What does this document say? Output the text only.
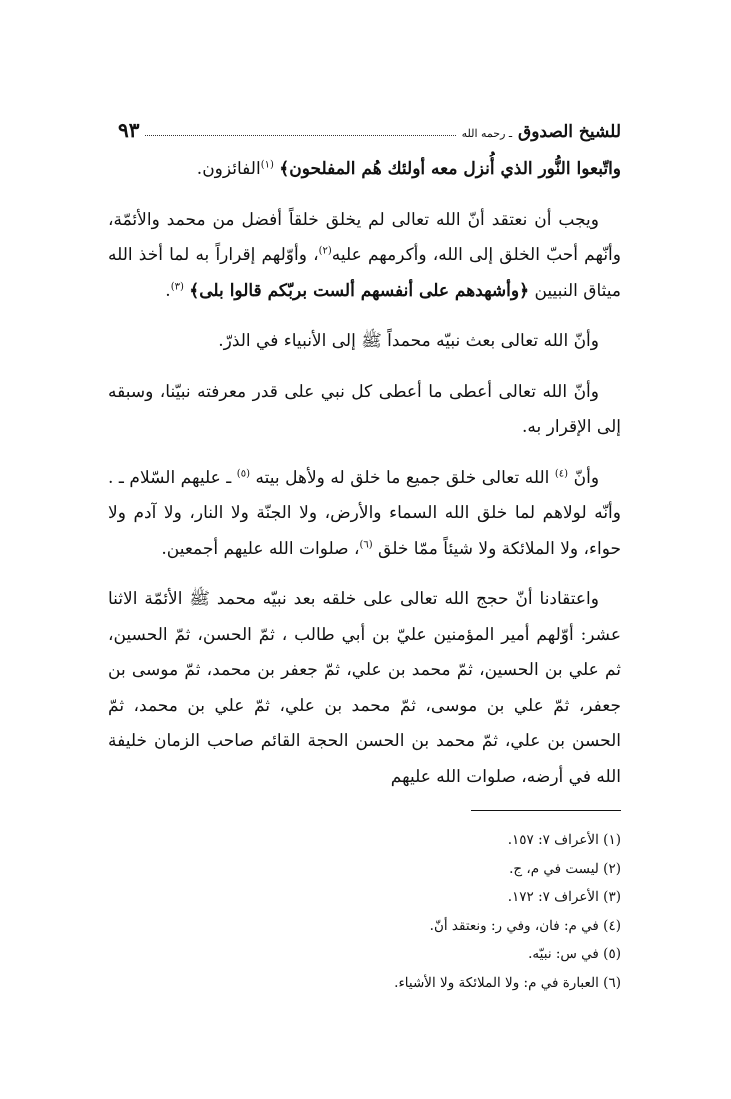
للشيخ الصدوق ـ رحمه الله
٩٣

واتّبعوا النُّور الذي أُنزل معه أولئك هُم المفلحون﴾ $^{(١)}$الفائزون.

ويجب أن نعتقد أنّ الله تعالى لم يخلق خلقاً أفضل من محمد والأئمّة، وأنّهم أحبّ الخلق إلى الله، وأكرمهم عليه$^{(٢)}$، وأوّلهم إقراراً به لما أخذ الله ميثاق النبيين ﴿وأشهدهم على أنفسهم ألست بربّكم قالوا بلى﴾ $^{(٣)}$.

وأنّ الله تعالى بعث نبيّه محمداً ﷺ إلى الأنبياء في الذرّ.

وأنّ الله تعالى أعطى ما أعطى كل نبي على قدر معرفته نبيّنا، وسبقه إلى الإقرار به.

وأنّ $^{(٤)}$ الله تعالى خلق جميع ما خلق له ولأهل بيته $^{(٥)}$ ـ عليهم السّلام ـ . وأنّه لولاهم لما خلق الله السماء والأرض، ولا الجنّة ولا النار، ولا آدم ولا حواء، ولا الملائكة ولا شيئاً ممّا خلق $^{(٦)}$، صلوات الله عليهم أجمعين.

واعتقادنا أنّ حجج الله تعالى على خلقه بعد نبيّه محمد ﷺ الأئمّة الاثنا عشر: أوّلهم أمير المؤمنين عليّ بن أبي طالب ، ثمّ الحسن، ثمّ الحسين، ثم علي بن الحسين، ثمّ محمد بن علي، ثمّ جعفر بن محمد، ثمّ موسى بن جعفر، ثمّ علي بن موسى، ثمّ محمد بن علي، ثمّ علي بن محمد، ثمّ الحسن بن علي، ثمّ محمد بن الحسن الحجة القائم صاحب الزمان خليفة الله في أرضه، صلوات الله عليهم

(١) الأعراف ٧: ١٥٧.
(٢) ليست في م، ج.
(٣) الأعراف ٧: ١٧٢.
(٤) في م: فان، وفي ر: ونعتقد أنّ.
(٥) في س: نبيّه.
(٦) العبارة في م: ولا الملائكة ولا الأشياء.
